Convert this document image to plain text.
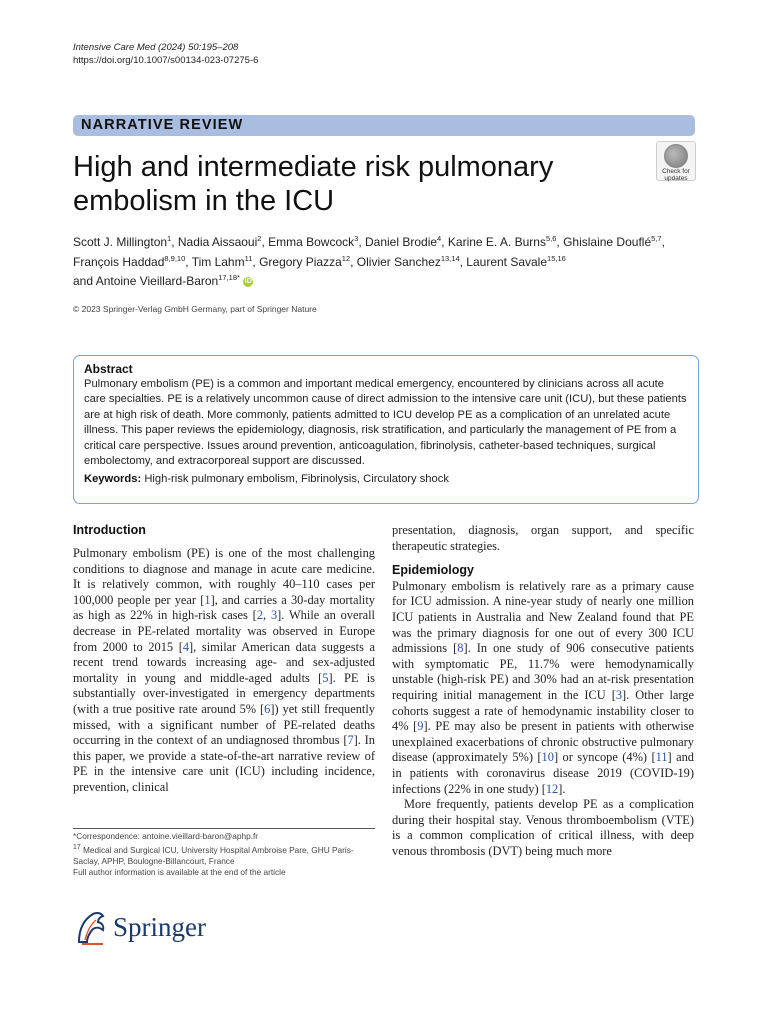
Intensive Care Med (2024) 50:195–208
https://doi.org/10.1007/s00134-023-07275-6
NARRATIVE REVIEW
High and intermediate risk pulmonary embolism in the ICU
Check for
updates
Scott J. Millington$^1$, Nadia Aissaoui$^2$, Emma Bowcock$^3$, Daniel Brodie$^4$, Karine E. A. Burns$^{5,6}$, Ghislaine Douflé$^{5,7}$,
François Haddad$^{8,9,10}$, Tim Lahm$^{11}$, Gregory Piazza$^{12}$, Olivier Sanchez$^{13,14}$, Laurent Savale$^{15,16}$
and Antoine Vieillard-Baron$^{17,18*}$ iD
© 2023 Springer-Verlag GmbH Germany, part of Springer Nature
Abstract

Pulmonary embolism (PE) is a common and important medical emergency, encountered by clinicians across all acute care specialties. PE is a relatively uncommon cause of direct admission to the intensive care unit (ICU), but these patients are at high risk of death. More commonly, patients admitted to ICU develop PE as a complication of an unrelated acute illness. This paper reviews the epidemiology, diagnosis, risk stratification, and particularly the management of PE from a critical care perspective. Issues around prevention, anticoagulation, fibrinolysis, catheter-based techniques, surgical embolectomy, and extracorporeal support are discussed.

Keywords: High-risk pulmonary embolism, Fibrinolysis, Circulatory shock
Introduction

Pulmonary embolism (PE) is one of the most challenging conditions to diagnose and manage in acute care medicine. It is relatively common, with roughly 40–110 cases per 100,000 people per year [1], and carries a 30-day mortality as high as 22% in high-risk cases [2, 3]. While an overall decrease in PE-related mortality was observed in Europe from 2000 to 2015 [4], similar American data suggests a recent trend towards increasing age- and sex-adjusted mortality in young and middle-aged adults [5]. PE is substantially over-investigated in emergency departments (with a true positive rate around 5% [6]) yet still frequently missed, with a significant number of PE-related deaths occurring in the context of an undiagnosed thrombus [7]. In this paper, we provide a state-of-the-art narrative review of PE in the intensive care unit (ICU) including incidence, prevention, clinical

presentation, diagnosis, organ support, and specific therapeutic strategies.

Epidemiology

Pulmonary embolism is relatively rare as a primary cause for ICU admission. A nine-year study of nearly one million ICU patients in Australia and New Zealand found that PE was the primary diagnosis for one out of every 300 ICU admissions [8]. In one study of 906 consecutive patients with symptomatic PE, 11.7% were hemodynamically unstable (high-risk PE) and 30% had an at-risk presentation requiring initial management in the ICU [3]. Other large cohorts suggest a rate of hemodynamic instability closer to 4% [9]. PE may also be present in patients with otherwise unexplained exacerbations of chronic obstructive pulmonary disease (approximately 5%) [10] or syncope (4%) [11] and in patients with coronavirus disease 2019 (COVID-19) infections (22% in one study) [12].

More frequently, patients develop PE as a complication during their hospital stay. Venous thromboembolism (VTE) is a common complication of critical illness, with deep venous thrombosis (DVT) being much more

*Correspondence: antoine.vieillard-baron@aphp.fr
$^{17}$ Medical and Surgical ICU, University Hospital Ambroise Pare, GHU Paris-Saclay, APHP, Boulogne-Billancourt, France
Full author information is available at the end of the article
Springer
